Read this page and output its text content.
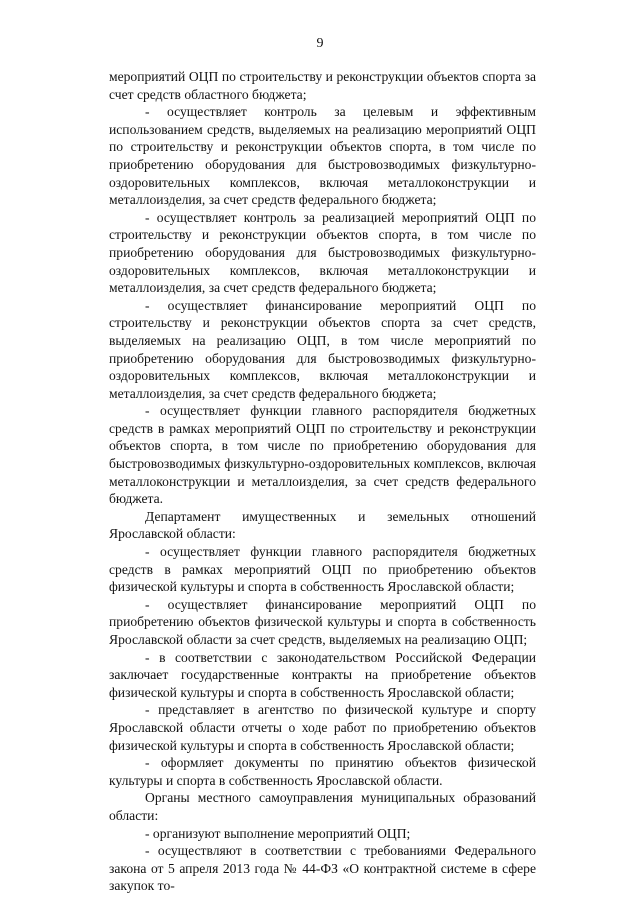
9

мероприятий ОЦП по строительству и реконструкции объектов спорта за счет средств областного бюджета;

- осуществляет контроль за целевым и эффективным использованием средств, выделяемых на реализацию мероприятий ОЦП по строительству и реконструкции объектов спорта, в том числе по приобретению оборудования для быстровозводимых физкультурно-оздоровительных комплексов, включая металлоконструкции и металлоизделия, за счет средств федерального бюджета;

- осуществляет контроль за реализацией мероприятий ОЦП по строительству и реконструкции объектов спорта, в том числе по приобретению оборудования для быстровозводимых физкультурно-оздоровительных комплексов, включая металлоконструкции и металлоизделия, за счет средств федерального бюджета;

- осуществляет финансирование мероприятий ОЦП по строительству и реконструкции объектов спорта за счет средств, выделяемых на реализацию ОЦП, в том числе мероприятий по приобретению оборудования для быстровозводимых физкультурно-оздоровительных комплексов, включая металлоконструкции и металлоизделия, за счет средств федерального бюджета;

- осуществляет функции главного распорядителя бюджетных средств в рамках мероприятий ОЦП по строительству и реконструкции объектов спорта, в том числе по приобретению оборудования для быстровозводимых физкультурно-оздоровительных комплексов, включая металлоконструкции и металлоизделия, за счет средств федерального бюджета.

Департамент имущественных и земельных отношений Ярославской области:

- осуществляет функции главного распорядителя бюджетных средств в рамках мероприятий ОЦП по приобретению объектов физической культуры и спорта в собственность Ярославской области;

- осуществляет финансирование мероприятий ОЦП по приобретению объектов физической культуры и спорта в собственность Ярославской области за счет средств, выделяемых на реализацию ОЦП;

- в соответствии с законодательством Российской Федерации заключает государственные контракты на приобретение объектов физической культуры и спорта в собственность Ярославской области;

- представляет в агентство по физической культуре и спорту Ярославской области отчеты о ходе работ по приобретению объектов физической культуры и спорта в собственность Ярославской области;

- оформляет документы по принятию объектов физической культуры и спорта в собственность Ярославской области.

Органы местного самоуправления муниципальных образований области:

- организуют выполнение мероприятий ОЦП;

- осуществляют в соответствии с требованиями Федерального закона от 5 апреля 2013 года № 44-ФЗ «О контрактной системе в сфере закупок то-
